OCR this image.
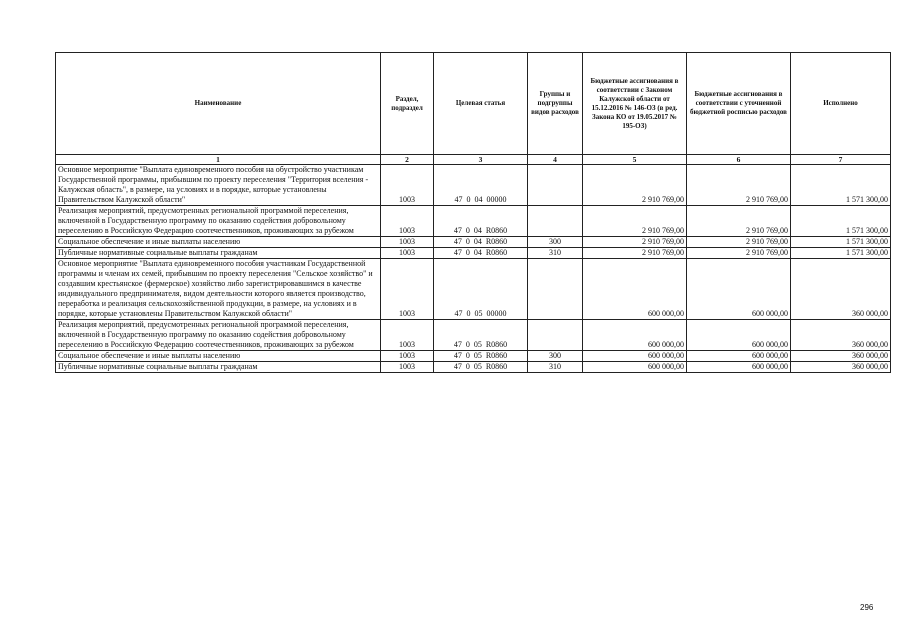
Наименование	Раздел, подраздел	Целевая статья	Группы и подгруппы видов расходов	Бюджетные ассигнования в соответствии с Законом Калужской области от 15.12.2016 № 146-ОЗ (в ред. Закона КО от 19.05.2017 № 195-ОЗ)	Бюджетные ассигнования в соответствии с уточненной бюджетной росписью расходов	Исполнено
1	2	3	4	5	6	7
Основное мероприятие "Выплата единовременного пособия на обустройство участникам Государственной программы, прибывшим по проекту переселения "Территория вселения - Калужская область", в размере, на условиях и в порядке, которые установлены Правительством Калужской области"	1003	47  0  04  00000		2 910 769,00	2 910 769,00	1 571 300,00
Реализация мероприятий, предусмотренных региональной программой переселения, включенной в Государственную программу по оказанию содействия добровольному переселению в Российскую Федерацию соотечественников, проживающих за рубежом	1003	47  0  04  R0860		2 910 769,00	2 910 769,00	1 571 300,00
Социальное обеспечение и иные выплаты населению	1003	47  0  04  R0860	300	2 910 769,00	2 910 769,00	1 571 300,00
Публичные нормативные социальные выплаты гражданам	1003	47  0  04  R0860	310	2 910 769,00	2 910 769,00	1 571 300,00
Основное мероприятие "Выплата единовременного пособия участникам Государственной программы и членам их семей, прибывшим по проекту переселения "Сельское хозяйство" и создавшим крестьянское (фермерское) хозяйство либо зарегистрировавшимся в качестве индивидуального предпринимателя, видом деятельности которого является производство, переработка и реализация сельскохозяйственной продукции, в размере, на условиях и в порядке, которые установлены Правительством Калужской области"	1003	47  0  05  00000		600 000,00	600 000,00	360 000,00
Реализация мероприятий, предусмотренных региональной программой переселения, включенной в Государственную программу по оказанию содействия добровольному переселению в Российскую Федерацию соотечественников, проживающих за рубежом	1003	47  0  05  R0860		600 000,00	600 000,00	360 000,00
Социальное обеспечение и иные выплаты населению	1003	47  0  05  R0860	300	600 000,00	600 000,00	360 000,00
Публичные нормативные социальные выплаты гражданам	1003	47  0  05  R0860	310	600 000,00	600 000,00	360 000,00
296
